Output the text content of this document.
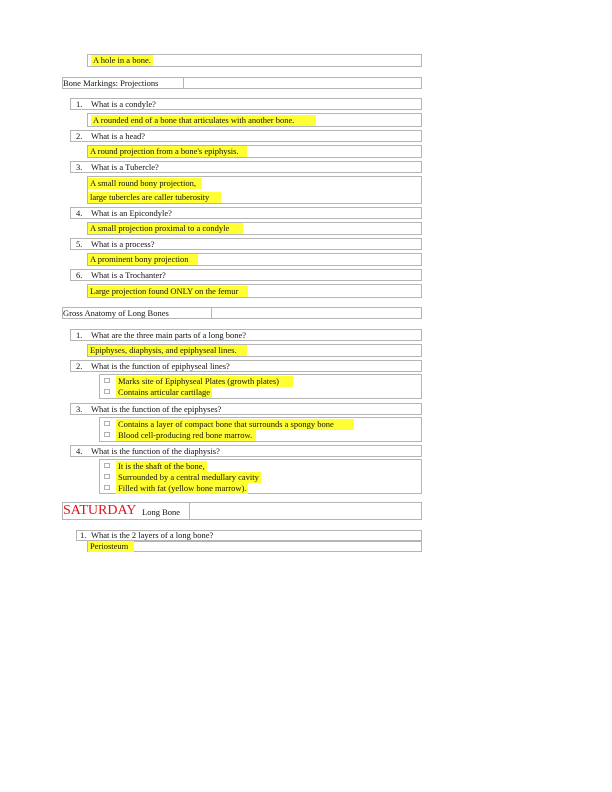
A hole in a bone.
Bone Markings: Projections
1. What is a condyle?
A rounded end of a bone that articulates with another bone.
2. What is a head?
A round projection from a bone's epiphysis.
3. What is a Tubercle?
A small round bony projection,
large tubercles are caller tuberosity
4. What is an Epicondyle?
A small projection proximal to a condyle
5. What is a process?
A prominent bony projection
6. What is a Trochanter?
Large projection found ONLY on the femur
Gross Anatomy of Long Bones
1. What are the three main parts of a long bone?
Epiphyses, diaphysis, and epiphyseal lines.
2. What is the function of epiphyseal lines?
☐ Marks site of Epiphyseal Plates (growth plates)
☐ Contains articular cartilage
3. What is the function of the epiphyses?
☐ Contains a layer of compact bone that surrounds a spongy bone
☐ Blood cell-producing red bone marrow.
4. What is the function of the diaphysis?
☐ It is the shaft of the bone,
☐ Surrounded by a central medullary cavity
☐ Filled with fat (yellow bone marrow).
SATURDAY Long Bone
1. What is the 2 layers of a long bone?
Periosteum
